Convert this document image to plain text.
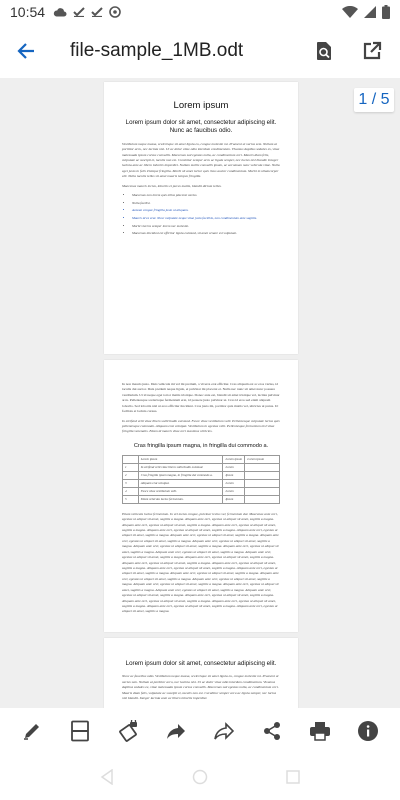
10:54
file-sample_1MB.odt
Lorem ipsum
Lorem ipsum dolor sit amet, consectetur adipiscing elit. Nunc ac faucibus odio.
Vestibulum neque massa, scelerisque sit amet ligula eu, congue molestie mi. Praesent ut varius sem. Nullam at porttitor arcu, nec lacinia nisi. Ut ac dolor vitae odio interdum condimentum. Vivamus dapibus sodales ex, vitae malesuada ipsum cursus convallis. Maecenas sed egestas nulla, ac condimentum orci. Mauris diam felis, vulputate ac suscipit et, iaculis non est. Curabitur semper arcu ac ligula semper, nec luctus nisl blandit. Integer lacinia ante ac libero lobortis imperdiet. Nullam mollis convallis ipsum, ac accumsan nunc vehicula vitae. Nulla eget justo in felis tristique fringilla. Morbi sit amet tortor quis risus auctor condimentum. Morbi in ullamcorper elit. Nulla iaculis tellus sit amet mauris tempus fringilla.
Maecenas mauris lectus, lobortis et purus mattis, blandit dictum tellus.
• Maecenas non lorem quis tellus placerat varius.
• Nulla facilisi.
• Aenean congue fringilla justo ut aliquam.
• Mauris id ex erat. Nunc vulputate neque vitae justo facilisis, non condimentum ante sagittis.
• Morbi viverra semper lorem nec molestie.
• Maecenas tincidunt est efficitur ligula euismod, sit amet ornare est vulputate.
In non mauris justo. Duis vehicula mi vel mi pretium, a viverra erat efficitur. Cras aliquam est ac eros varius, id iaculis dui auctor. Duis pretium neque ligula, et pulvinar mi placerat et. Nulla nec nunc sit amet nunc posuere vestibulum. Ut id neque eget tortor mattis tristique. Donec ante est, blandit sit amet tristique vel, lacinia pulvinar arcu. Pellentesque scelerisque fermentum erat, id posuere justo pulvinar ut. Cras id eros sed enim aliquam lobortis. Sed lobortis nisl ut eros efficitur tincidunt. Cras justo mi, porttitor quis mattis vel, ultricies ut purus. Ut facilisis et lacinia cursus.
In eleifend velit vitae libero sollicitudin euismod. Fusce vitae vestibulum velit. Pellentesque vulputate lectus quis pellentesque commodo. Aliquam erat volutpat. Vestibulum in egestas velit. Pellentesque fermentum nisl vitae fringilla venenatis. Etiam id mauris vitae orci maximus ultricies.
Cras fringilla ipsum magna, in fringilla dui commodo a.
	Lorem ipsum	Lorem ipsum	Lorem ipsum
1	In eleifend velit vitae libero sollicitudin euismod.	Lorem	
2	Cras fringilla ipsum magna, in fringilla dui commodo a.	Ipsum	
3	Aliquam erat volutpat.	Lorem	
4	Fusce vitae vestibulum velit.	Lorem	
5	Etiam vehicula luctus fermentum.	Ipsum	
Etiam vehicula luctus fermentum. In vel metus congue, pulvinar lectus vel, fermentum dui. Maecenas ante orci, egestas ut aliquet sit amet, sagittis a magna. Aliquam ante orci, egestas ut aliquet sit amet, sagittis a magna. Aliquam ante orci, egestas ut aliquet sit amet, sagittis a magna. Aliquam ante orci, egestas ut aliquet sit amet, sagittis a magna. Aliquam ante orci, egestas ut aliquet sit amet, sagittis a magna. Aliquam ante orci, egestas ut aliquet sit amet, sagittis a magna. Aliquam ante orci, egestas ut aliquet sit amet, sagittis a magna. Aliquam ante orci, egestas ut aliquet sit amet, sagittis a magna. Aliquam ante orci, egestas ut aliquet sit amet, sagittis a magna. Aliquam ante orci, egestas ut aliquet sit amet, sagittis a magna. Aliquam ante orci, egestas ut aliquet sit amet, sagittis a magna. Aliquam ante orci, egestas ut aliquet sit amet, sagittis a magna. Aliquam ante orci, egestas ut aliquet sit amet, sagittis a magna. Aliquam ante orci, egestas ut aliquet sit amet, sagittis a magna. Aliquam ante orci, egestas ut aliquet sit amet, sagittis a magna. Aliquam ante orci, egestas ut aliquet sit amet, sagittis a magna. Aliquam ante orci, egestas ut aliquet sit amet, sagittis a magna. Aliquam ante orci, egestas ut aliquet sit amet, sagittis a magna. Aliquam ante orci, egestas ut aliquet sit amet, sagittis a magna. Aliquam ante orci, egestas ut aliquet sit amet, sagittis a magna. Aliquam ante orci, egestas ut aliquet sit amet, sagittis a magna. Aliquam ante orci, egestas ut aliquet sit amet, sagittis a magna. Aliquam ante orci, egestas ut aliquet sit amet, sagittis a magna. Aliquam ante orci, egestas ut aliquet sit amet, sagittis a magna. Aliquam ante orci, egestas ut aliquet sit amet, sagittis a magna. Aliquam ante orci, egestas ut aliquet sit amet, sagittis a magna. Aliquam ante orci, egestas ut aliquet sit amet, sagittis a magna. Aliquam ante orci, egestas ut aliquet sit amet, sagittis a magna. Aliquam ante orci, egestas ut aliquet sit amet, sagittis a magna. Aliquam ante orci, egestas ut aliquet sit amet, sagittis a magna.
Lorem ipsum dolor sit amet, consectetur adipiscing elit.
Nunc ac faucibus odio. Vestibulum neque massa, scelerisque sit amet ligula eu, congue molestie mi. Praesent ut varius sem. Nullam at porttitor arcu, nec lacinia nisi. Ut ac dolor vitae odio interdum condimentum. Vivamus dapibus sodales ex, vitae malesuada ipsum cursus convallis. Maecenas sed egestas nulla, ac condimentum orci. Mauris diam felis, vulputate ac suscipit et, iaculis non est. Curabitur semper arcu ac ligula semper, nec luctus nisl blandit. Integer lacinia ante ac libero lobortis imperdiet.
1 / 5
